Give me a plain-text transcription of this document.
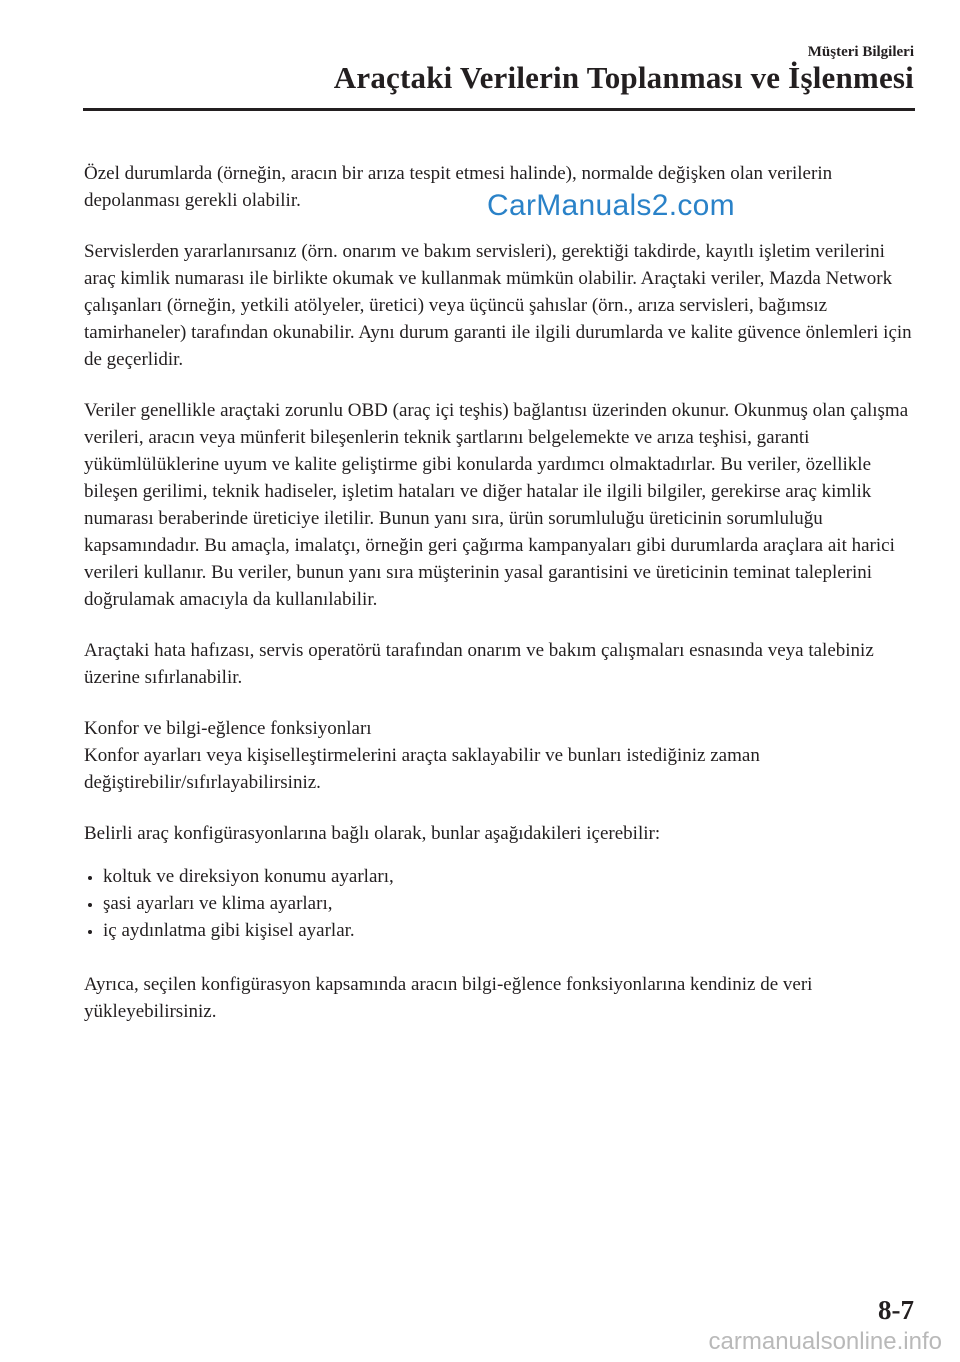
Müşteri Bilgileri
Araçtaki Verilerin Toplanması ve İşlenmesi
CarManuals2.com

Özel durumlarda (örneğin, aracın bir arıza tespit etmesi halinde), normalde değişken olan verilerin depolanması gerekli olabilir.

Servislerden yararlanırsanız (örn. onarım ve bakım servisleri), gerektiği takdirde, kayıtlı işletim verilerini araç kimlik numarası ile birlikte okumak ve kullanmak mümkün olabilir. Araçtaki veriler, Mazda Network çalışanları (örneğin, yetkili atölyeler, üretici) veya üçüncü şahıslar (örn., arıza servisleri, bağımsız tamirhaneler) tarafından okunabilir. Aynı durum garanti ile ilgili durumlarda ve kalite güvence önlemleri için de geçerlidir.

Veriler genellikle araçtaki zorunlu OBD (araç içi teşhis) bağlantısı üzerinden okunur. Okunmuş olan çalışma verileri, aracın veya münferit bileşenlerin teknik şartlarını belgelemekte ve arıza teşhisi, garanti yükümlülüklerine uyum ve kalite geliştirme gibi konularda yardımcı olmaktadırlar. Bu veriler, özellikle bileşen gerilimi, teknik hadiseler, işletim hataları ve diğer hatalar ile ilgili bilgiler, gerekirse araç kimlik numarası beraberinde üreticiye iletilir. Bunun yanı sıra, ürün sorumluluğu üreticinin sorumluluğu kapsamındadır. Bu amaçla, imalatçı, örneğin geri çağırma kampanyaları gibi durumlarda araçlara ait harici verileri kullanır. Bu veriler, bunun yanı sıra müşterinin yasal garantisini ve üreticinin teminat taleplerini doğrulamak amacıyla da kullanılabilir.

Araçtaki hata hafızası, servis operatörü tarafından onarım ve bakım çalışmaları esnasında veya talebiniz üzerine sıfırlanabilir.

Konfor ve bilgi-eğlence fonksiyonları

Konfor ayarları veya kişiselleştirmelerini araçta saklayabilir ve bunları istediğiniz zaman değiştirebilir/sıfırlayabilirsiniz.

Belirli araç konfigürasyonlarına bağlı olarak, bunlar aşağıdakileri içerebilir:

koltuk ve direksiyon konumu ayarları,
şasi ayarları ve klima ayarları,
iç aydınlatma gibi kişisel ayarlar.

Ayrıca, seçilen konfigürasyon kapsamında aracın bilgi-eğlence fonksiyonlarına kendiniz de veri yükleyebilirsiniz.

8-7
carmanualsonline.info
